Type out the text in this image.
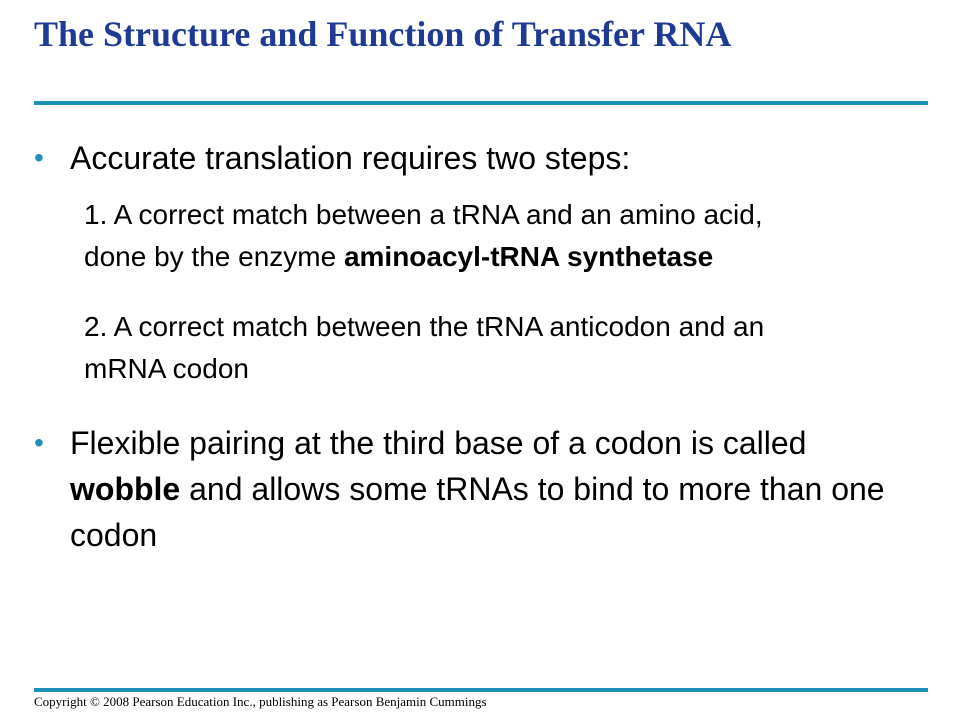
The Structure and Function of Transfer RNA
• Accurate translation requires two steps:
1. A correct match between a tRNA and an amino acid, done by the enzyme aminoacyl-tRNA synthetase
2. A correct match between the tRNA anticodon and an mRNA codon
• Flexible pairing at the third base of a codon is called wobble and allows some tRNAs to bind to more than one codon
Copyright © 2008 Pearson Education Inc., publishing as Pearson Benjamin Cummings
